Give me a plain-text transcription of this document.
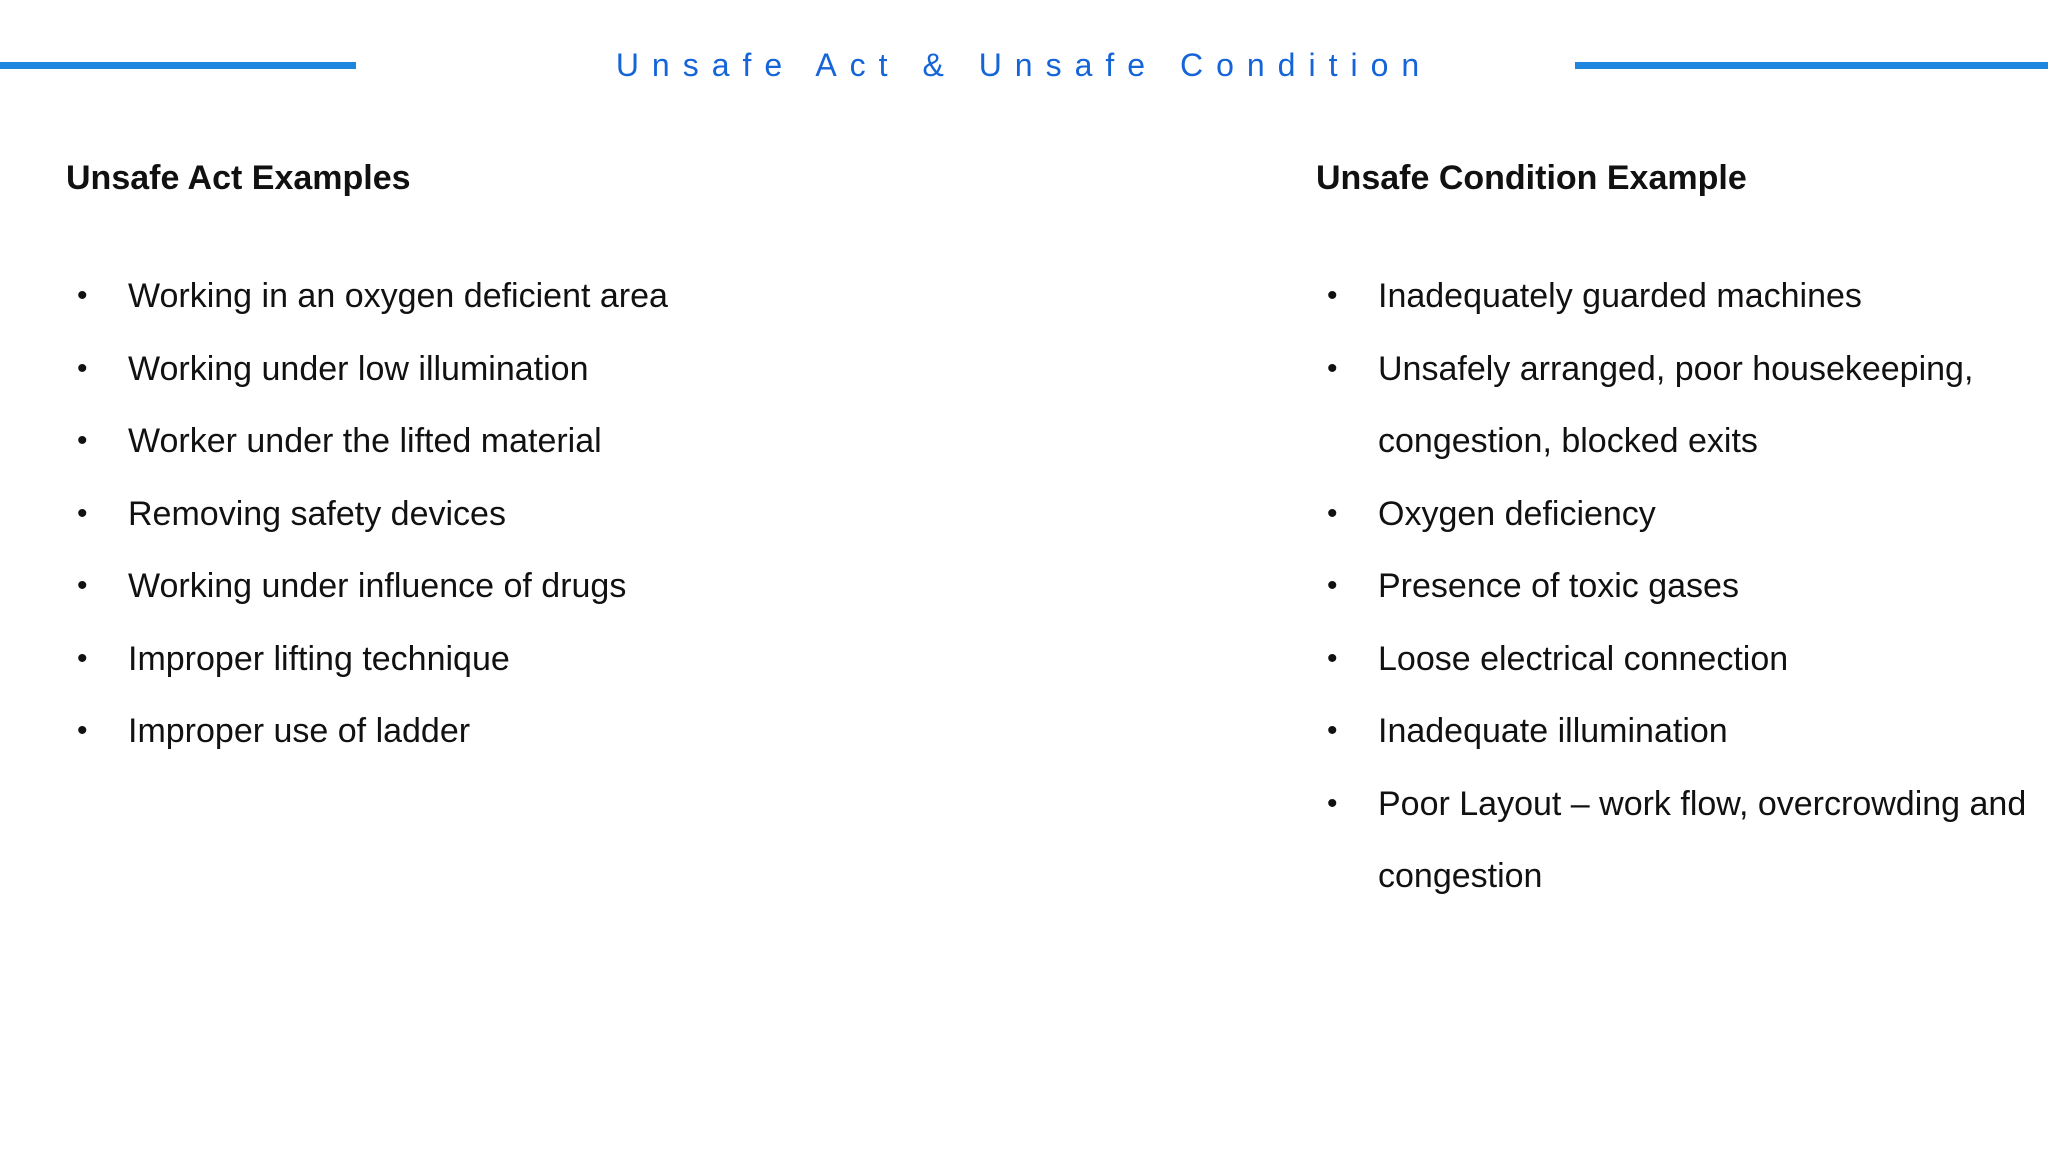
Unsafe Act & Unsafe Condition
Unsafe Act Examples
• Working in an oxygen deficient area
• Working under low illumination
• Worker under the lifted material
• Removing safety devices
• Working under influence of drugs
• Improper lifting technique
• Improper use of ladder
Unsafe Condition Example
• Inadequately guarded machines
• Unsafely arranged, poor housekeeping, congestion, blocked exits
• Oxygen deficiency
• Presence of toxic gases
• Loose electrical connection
• Inadequate illumination
• Poor Layout – work flow, overcrowding and congestion
